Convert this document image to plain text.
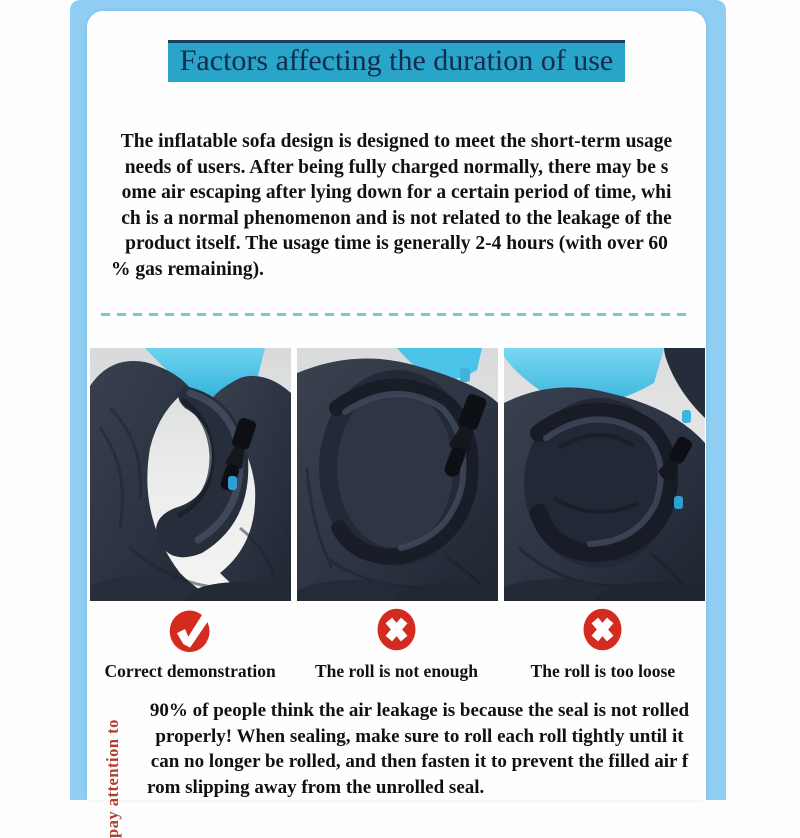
Factors affecting the duration of use
The inflatable sofa design is designed to meet the short-term usage
needs of users. After being fully charged normally, there may be s
ome air escaping after lying down for a certain period of time, whi
ch is a normal phenomenon and is not related to the leakage of the
product itself. The usage time is generally 2-4 hours (with over 60
% gas remaining).
Correct demonstration	The roll is not enough	The roll is too loose
pay attention to
90% of people think the air leakage is because the seal is not rolled
properly! When sealing, make sure to roll each roll tightly until it
can no longer be rolled, and then fasten it to prevent the filled air f
rom slipping away from the unrolled seal.
